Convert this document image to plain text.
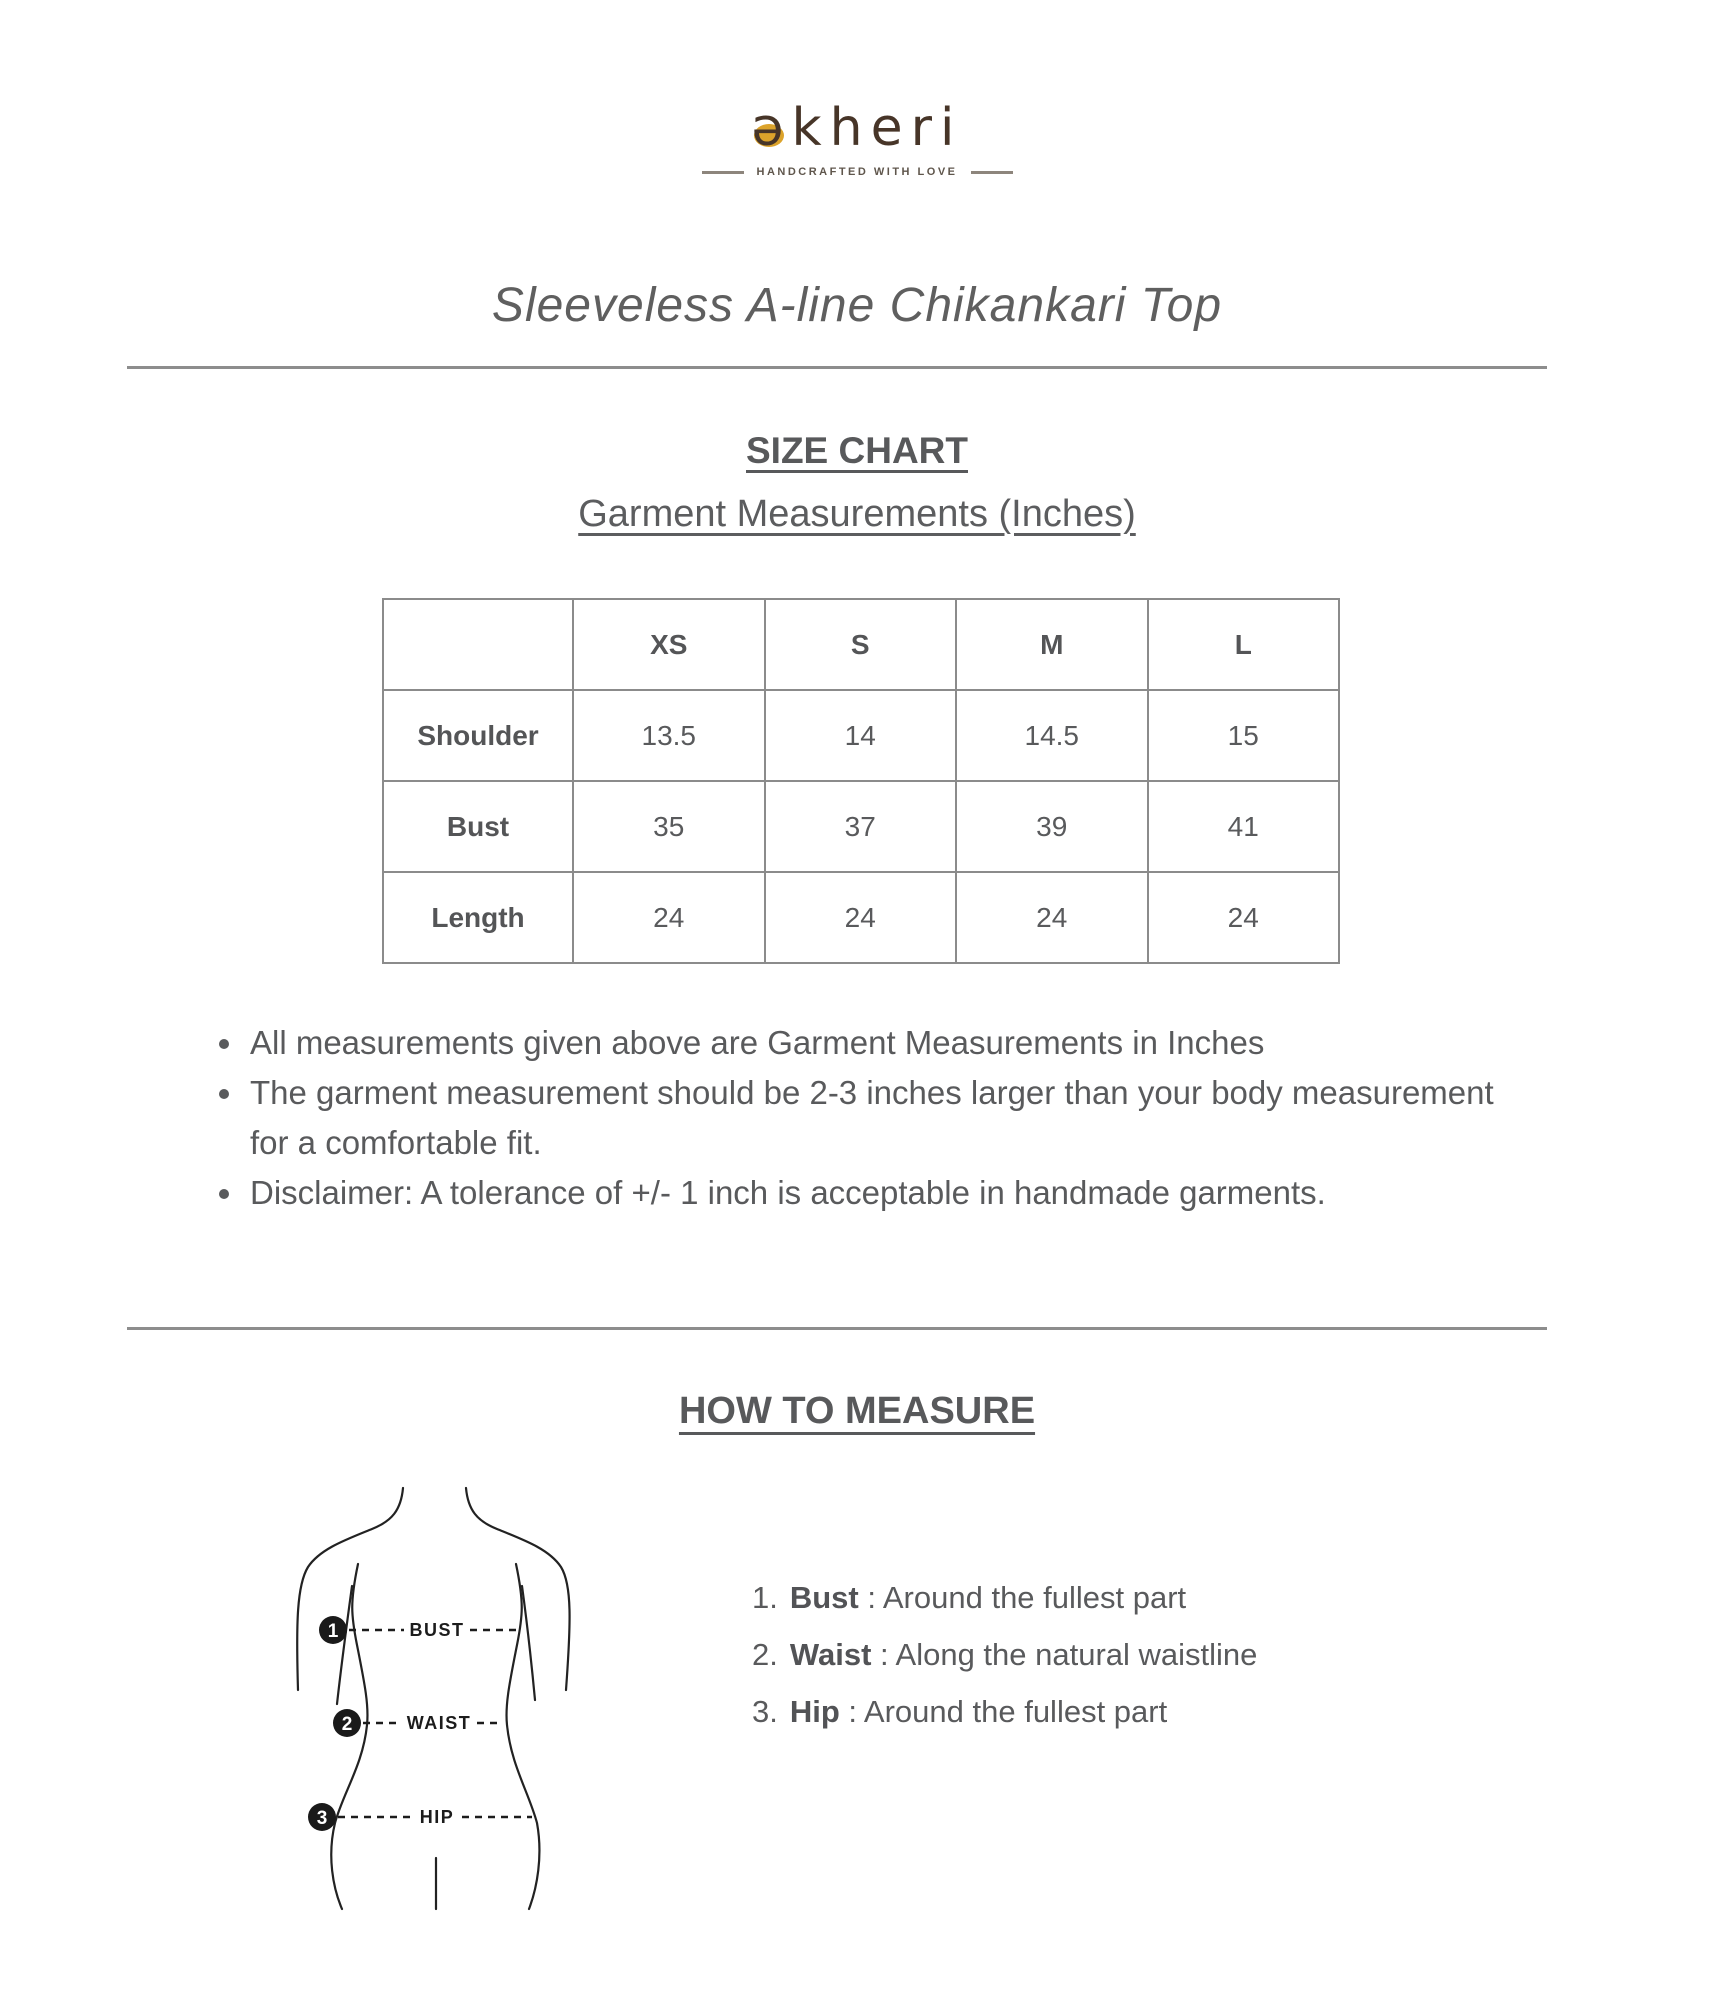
əkheri
HANDCRAFTED WITH LOVE
Sleeveless A-line Chikankari Top
SIZE CHART
Garment Measurements (Inches)
	XS	S	M	L
Shoulder	13.5	14	14.5	15
Bust	35	37	39	41
Length	24	24	24	24
• All measurements given above are Garment Measurements in Inches
• The garment measurement should be 2-3 inches larger than your body measurement for a comfortable fit.
• Disclaimer: A tolerance of +/- 1 inch is acceptable in handmade garments.
HOW TO MEASURE
BUST
WAIST
HIP
1
2
3
1. Bust : Around the fullest part
2. Waist : Along the natural waistline
3. Hip : Around the fullest part
